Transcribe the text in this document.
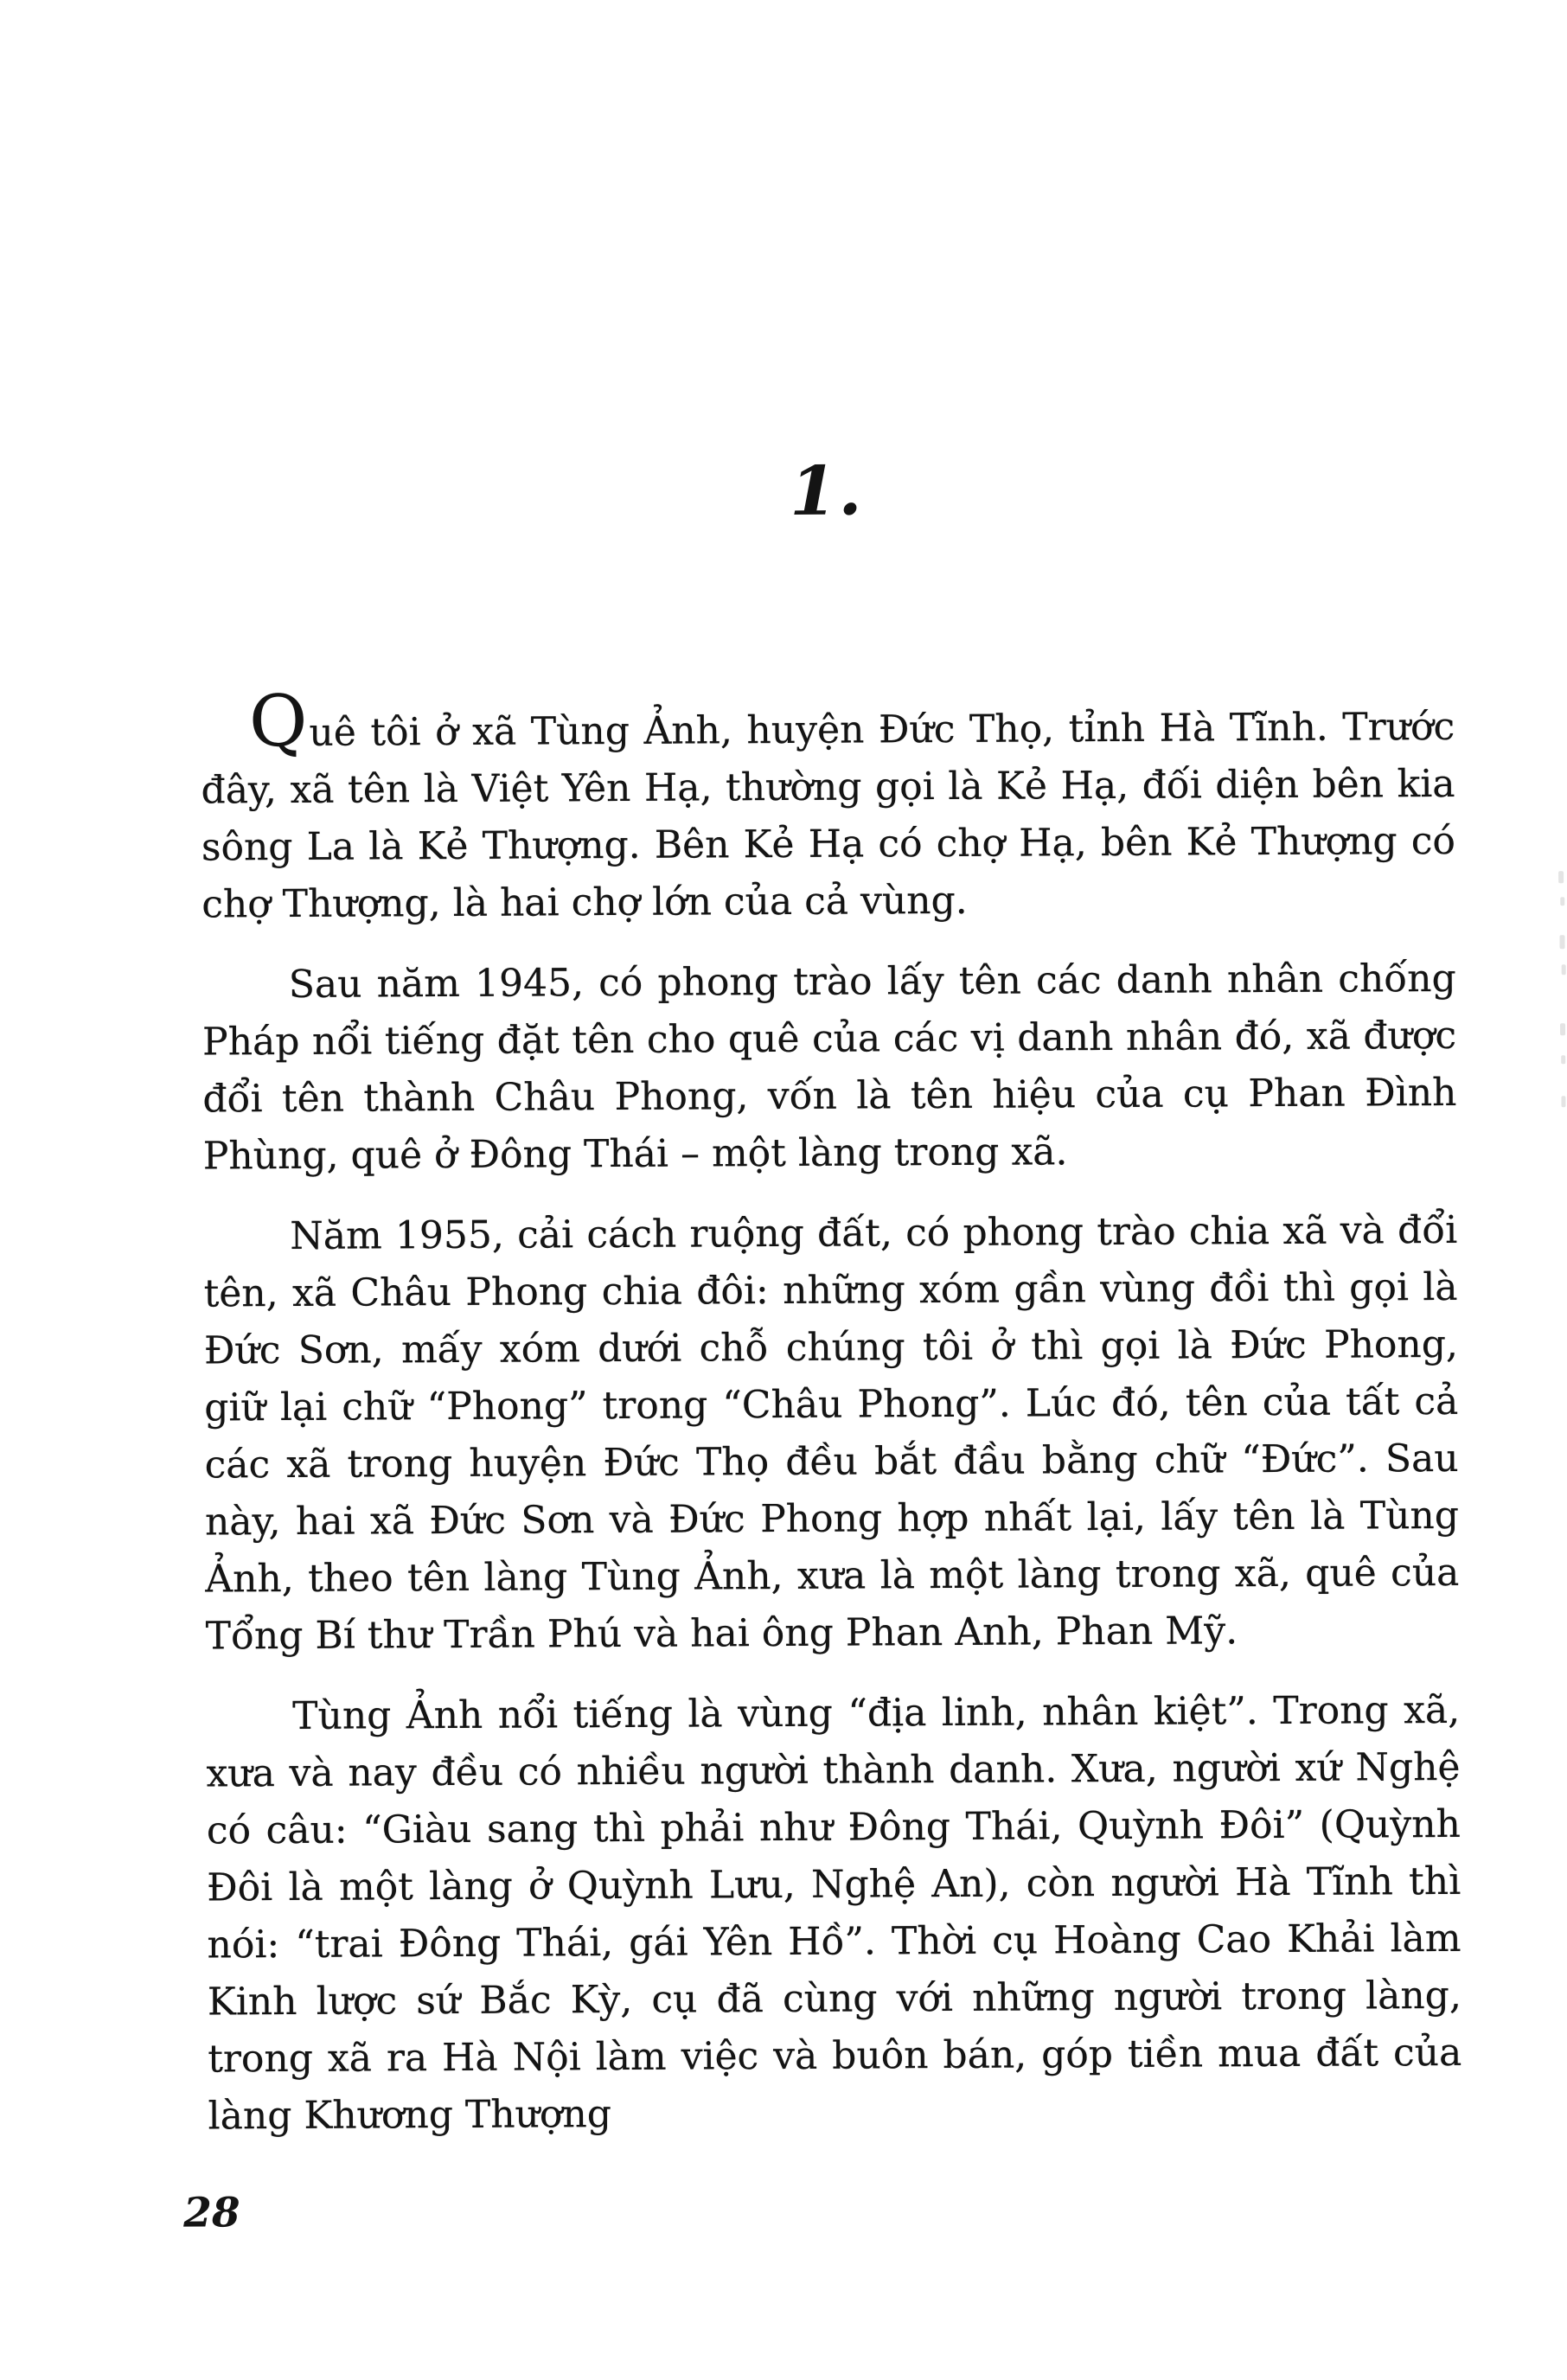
1.

Quê tôi ở xã Tùng Ảnh, huyện Đức Thọ, tỉnh Hà Tĩnh. Trước đây, xã tên là Việt Yên Hạ, thường gọi là Kẻ Hạ, đối diện bên kia sông La là Kẻ Thượng. Bên Kẻ Hạ có chợ Hạ, bên Kẻ Thượng có chợ Thượng, là hai chợ lớn của cả vùng.

Sau năm 1945, có phong trào lấy tên các danh nhân chống Pháp nổi tiếng đặt tên cho quê của các vị danh nhân đó, xã được đổi tên thành Châu Phong, vốn là tên hiệu của cụ Phan Đình Phùng, quê ở Đông Thái – một làng trong xã.

Năm 1955, cải cách ruộng đất, có phong trào chia xã và đổi tên, xã Châu Phong chia đôi: những xóm gần vùng đồi thì gọi là Đức Sơn, mấy xóm dưới chỗ chúng tôi ở thì gọi là Đức Phong, giữ lại chữ “Phong” trong “Châu Phong”. Lúc đó, tên của tất cả các xã trong huyện Đức Thọ đều bắt đầu bằng chữ “Đức”. Sau này, hai xã Đức Sơn và Đức Phong hợp nhất lại, lấy tên là Tùng Ảnh, theo tên làng Tùng Ảnh, xưa là một làng trong xã, quê của Tổng Bí thư Trần Phú và hai ông Phan Anh, Phan Mỹ.

Tùng Ảnh nổi tiếng là vùng “địa linh, nhân kiệt”. Trong xã, xưa và nay đều có nhiều người thành danh. Xưa, người xứ Nghệ có câu: “Giàu sang thì phải như Đông Thái, Quỳnh Đôi” (Quỳnh Đôi là một làng ở Quỳnh Lưu, Nghệ An), còn người Hà Tĩnh thì nói: “trai Đông Thái, gái Yên Hồ”. Thời cụ Hoàng Cao Khải làm Kinh lược sứ Bắc Kỳ, cụ đã cùng với những người trong làng, trong xã ra Hà Nội làm việc và buôn bán, góp tiền mua đất của làng Khương Thượng

28
